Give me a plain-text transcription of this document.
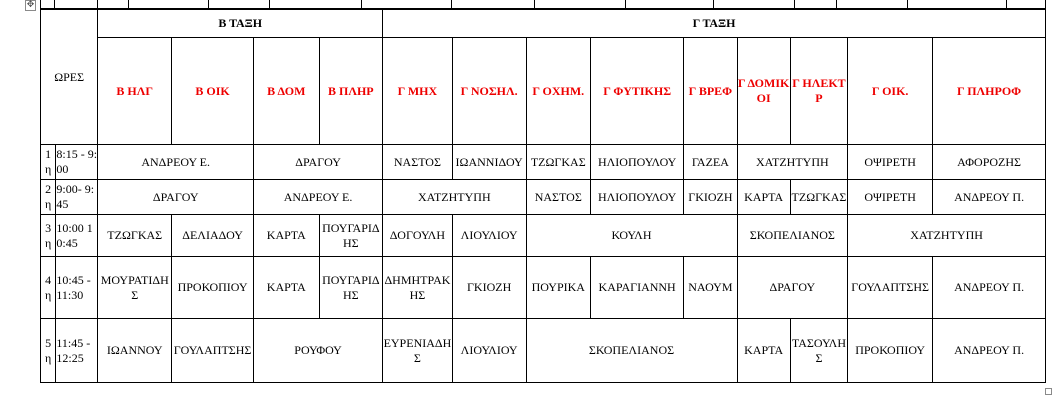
✥
ΩΡΕΣ		Β ΤΑΞΗ				Γ ΤΑΞΗ								
		Β ΗΛΓ	Β ΟΙΚ	Β ΔΟΜ	Β ΠΛΗΡ	Γ ΜΗΧ	Γ ΝΟΣΗΛ.	Γ ΟΧΗΜ.	Γ ΦΥΤΙΚΗΣ	Γ ΒΡΕΦ	Γ ΔΟΜΙΚΟΙ	Γ ΗΛΕΚΤΡ	Γ ΟΙΚ.	Γ ΠΛΗΡΟΦ
1 η	8:15 - 9:00	ΑΝΔΡΕΟΥ Ε.		ΔΡΑΓΟΥ		ΝΑΣΤΟΣ	ΙΩΑΝΝΙΔΟΥ	ΤΖΩΓΚΑΣ	ΗΛΙΟΠΟΥΛΟΥ	ΓΑΖΕΑ	ΧΑΤΖΗΤΥΠΗ		ΟΨΙΡΕΤΗ	ΑΦΟΡΟΖΗΣ
2 η	9:00- 9:45	ΔΡΑΓΟΥ		ΑΝΔΡΕΟΥ Ε.		ΧΑΤΖΗΤΥΠΗ		ΝΑΣΤΟΣ	ΗΛΙΟΠΟΥΛΟΥ	ΓΚΙΟΖΗ	ΚΑΡΤΑ	ΤΖΩΓΚΑΣ	ΟΨΙΡΕΤΗ	ΑΝΔΡΕΟΥ Π.
3 η	10:00 10:45	ΤΖΩΓΚΑΣ	ΔΕΛΙΑΔΟΥ	ΚΑΡΤΑ	ΠΟΥΓΑΡΙΔΗΣ	ΔΟΓΟΥΛΗ	ΛΙΟΥΛΙΟΥ	ΚΟΥΛΗ			ΣΚΟΠΕΛΙΑΝΟΣ		ΧΑΤΖΗΤΥΠΗ	
4 η	10:45 - 11:30	ΜΟΥΡΑΤΙΔΗΣ	ΠΡΟΚΟΠΙΟΥ	ΚΑΡΤΑ	ΠΟΥΓΑΡΙΔΗΣ	ΔΗΜΗΤΡΑΚΗΣ	ΓΚΙΟΖΗ	ΠΟΥΡΙΚΑ	ΚΑΡΑΓΙΑΝΝΗ	ΝΑΟΥΜ	ΔΡΑΓΟΥ		ΓΟΥΛΑΠΤΣΗΣ	ΑΝΔΡΕΟΥ Π.
5 η	11:45 - 12:25	ΙΩΑΝΝΟΥ	ΓΟΥΛΑΠΤΣΗΣ	ΡΟΥΦΟΥ		ΕΥΡΕΝΙΑΔΗΣ	ΛΙΟΥΛΙΟΥ	ΣΚΟΠΕΛΙΑΝΟΣ			ΚΑΡΤΑ	ΤΑΣΟΥΛΗΣ	ΠΡΟΚΟΠΙΟΥ	ΑΝΔΡΕΟΥ Π.
